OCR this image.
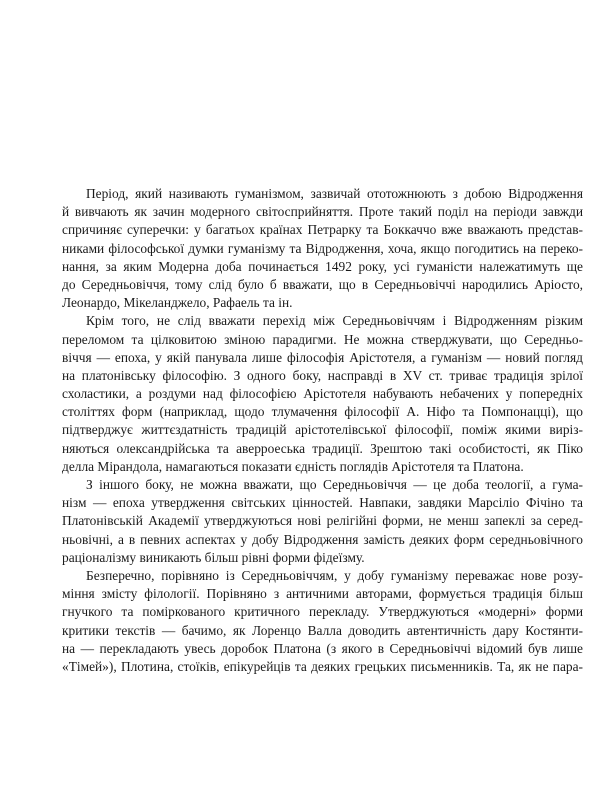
Період, який називають гуманізмом, зазвичай ототожнюють з добою Відродження
й вивчають як зачин модерного світосприйняття. Проте такий поділ на періоди завжди
спричиняє суперечки: у багатьох країнах Петрарку та Боккаччо вже вважають представ-
никами філософської думки гуманізму та Відродження, хоча, якщо погодитись на переко-
нання, за яким Модерна доба починається 1492 року, усі гуманісти належатимуть ще
до Середньовіччя, тому слід було б вважати, що в Середньовіччі народились Аріосто,
Леонардо, Мікеланджело, Рафаель та ін.
Крім того, не слід вважати перехід між Середньовіччям і Відродженням різким
переломом та цілковитою зміною парадигми. Не можна стверджувати, що Середньо-
віччя — епоха, у якій панувала лише філософія Арістотеля, а гуманізм — новий погляд
на платонівську філософію. З одного боку, насправді в XV ст. триває традиція зрілої
схоластики, а роздуми над філософією Арістотеля набувають небачених у попередніх
століттях форм (наприклад, щодо тлумачення філософії А. Ніфо та Помпонацці), що
підтверджує життєздатність традицій арістотелівської філософії, поміж якими виріз-
няються олександрійська та аверроеська традиції. Зрештою такі особистості, як Піко
делла Мірандола, намагаються показати єдність поглядів Арістотеля та Платона.
З іншого боку, не можна вважати, що Середньовіччя — це доба теології, а гума-
нізм — епоха утвердження світських цінностей. Навпаки, завдяки Марсіліо Фічіно та
Платонівській Академії утверджуються нові релігійні форми, не менш запеклі за серед-
ньовічні, а в певних аспектах у добу Відродження замість деяких форм середньовічного
раціоналізму виникають більш рівні форми фідеїзму.
Безперечно, порівняно із Середньовіччям, у добу гуманізму переважає нове розу-
міння змісту філології. Порівняно з античними авторами, формується традиція більш
гнучкого та поміркованого критичного перекладу. Утверджуються «модерні» форми
критики текстів — бачимо, як Лоренцо Валла доводить автентичність дару Костянти-
на — перекладають увесь доробок Платона (з якого в Середньовіччі відомий був лише
«Тімей»), Плотина, стоїків, епікурейців та деяких грецьких письменників. Та, як не пара-
